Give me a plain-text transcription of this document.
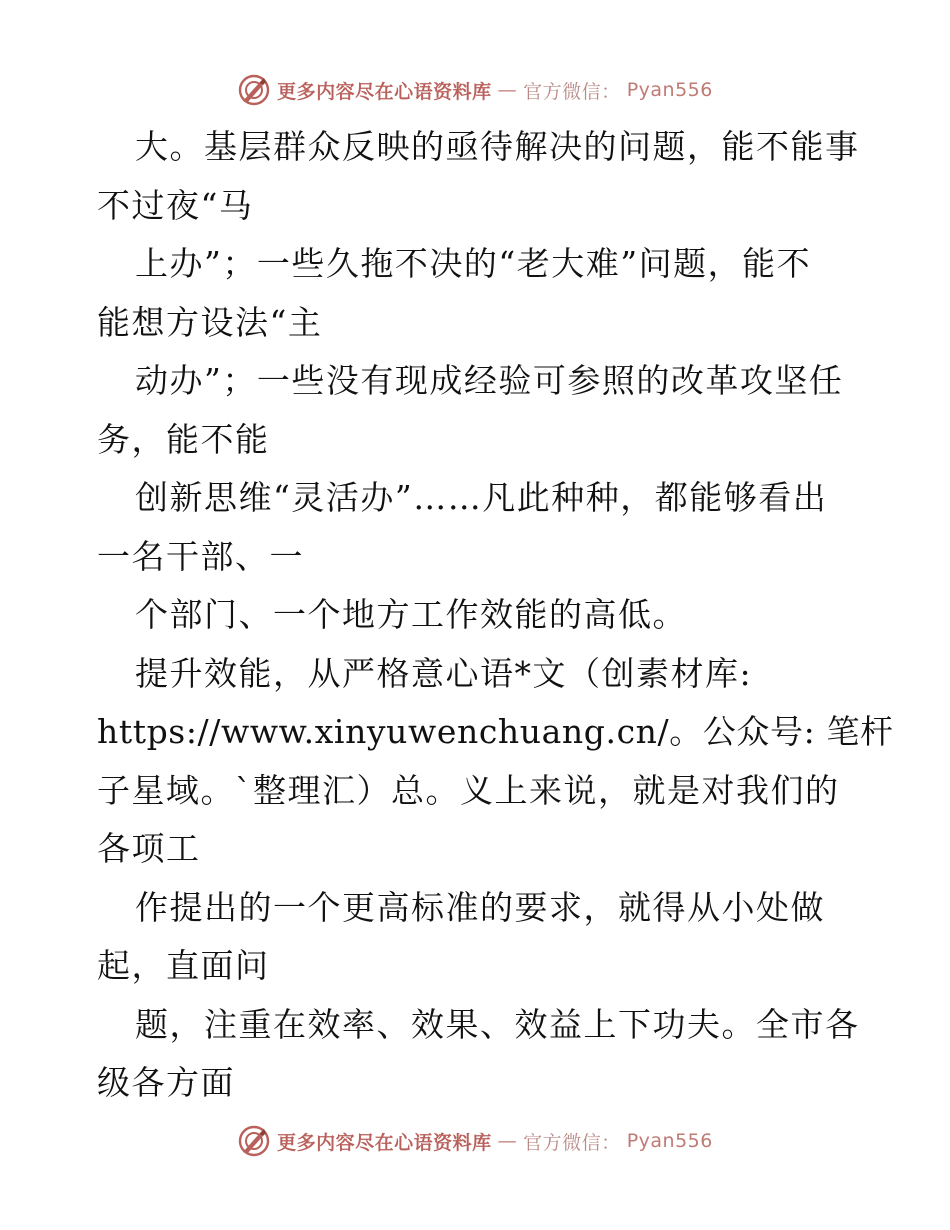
更多内容尽在心语资料库 — 官方微信： Pyan556
大。基层群众反映的亟待解决的问题，能不能事
不过夜“马
上办”；一些久拖不决的“老大难”问题，能不
能想方设法“主
动办”；一些没有现成经验可参照的改革攻坚任
务，能不能
创新思维“灵活办”……凡此种种，都能够看出
一名干部、一
个部门、一个地方工作效能的高低。
提升效能，从严格意心语*文（创素材库:
https://www.xinyuwenchuang.cn/。公众号: 笔杆
子星域。`整理汇）总。义上来说，就是对我们的
各项工
作提出的一个更高标准的要求，就得从小处做
起，直面问
题，注重在效率、效果、效益上下功夫。全市各
级各方面
更多内容尽在心语资料库 — 官方微信： Pyan556
